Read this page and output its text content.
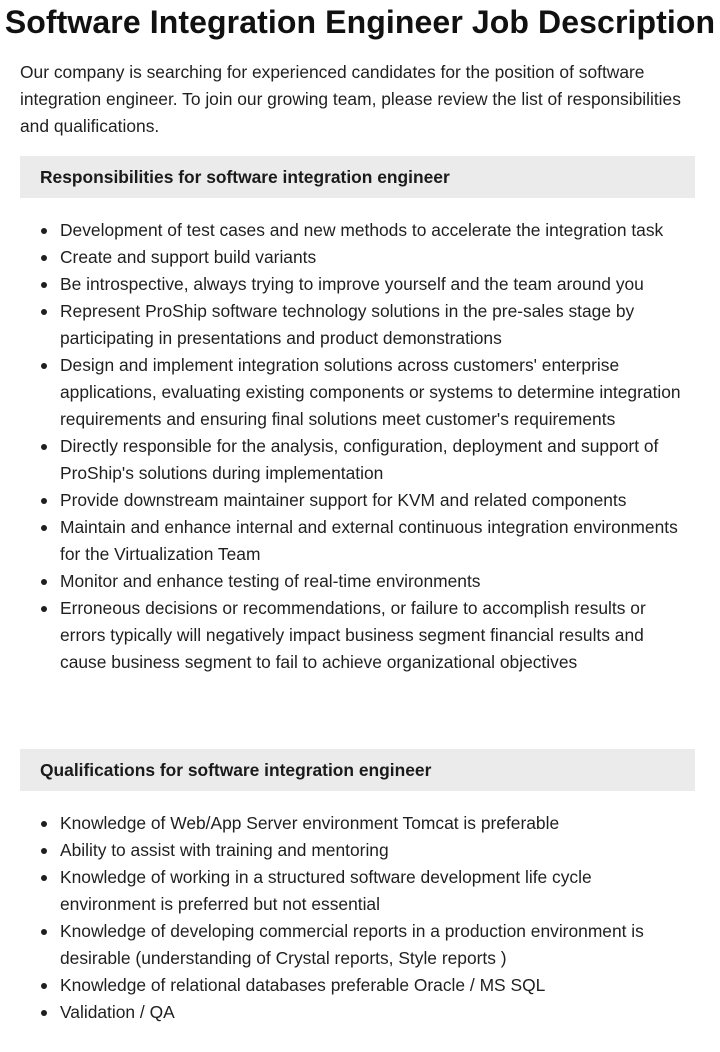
Software Integration Engineer Job Description

Our company is searching for experienced candidates for the position of software integration engineer. To join our growing team, please review the list of responsibilities and qualifications.

Responsibilities for software integration engineer
Development of test cases and new methods to accelerate the integration task
Create and support build variants
Be introspective, always trying to improve yourself and the team around you
Represent ProShip software technology solutions in the pre-sales stage by participating in presentations and product demonstrations
Design and implement integration solutions across customers' enterprise applications, evaluating existing components or systems to determine integration requirements and ensuring final solutions meet customer's requirements
Directly responsible for the analysis, configuration, deployment and support of ProShip's solutions during implementation
Provide downstream maintainer support for KVM and related components
Maintain and enhance internal and external continuous integration environments for the Virtualization Team
Monitor and enhance testing of real-time environments
Erroneous decisions or recommendations, or failure to accomplish results or errors typically will negatively impact business segment financial results and cause business segment to fail to achieve organizational objectives
Qualifications for software integration engineer
Knowledge of Web/App Server environment Tomcat is preferable
Ability to assist with training and mentoring
Knowledge of working in a structured software development life cycle environment is preferred but not essential
Knowledge of developing commercial reports in a production environment is desirable (understanding of Crystal reports, Style reports )
Knowledge of relational databases preferable Oracle / MS SQL
Validation / QA
